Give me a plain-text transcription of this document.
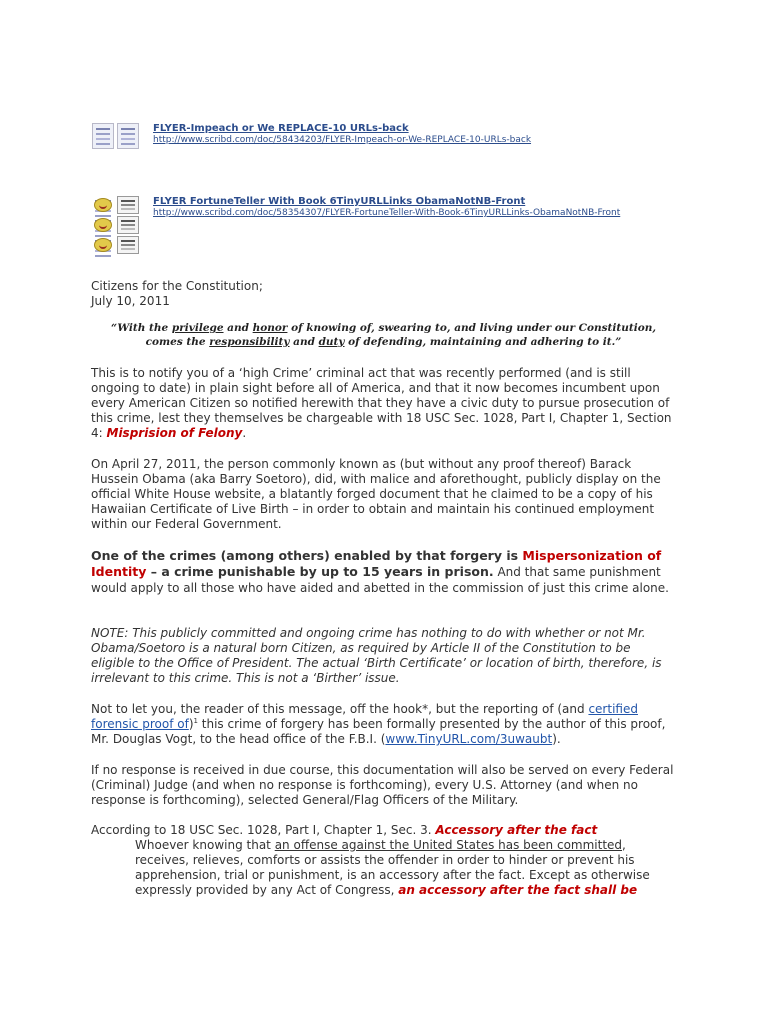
FLYER-Impeach or We REPLACE-10 URLs-back
http://www.scribd.com/doc/58434203/FLYER-Impeach-or-We-REPLACE-10-URLs-back
FLYER FortuneTeller With Book 6TinyURLLinks ObamaNotNB-Front
http://www.scribd.com/doc/58354307/FLYER-FortuneTeller-With-Book-6TinyURLLinks-ObamaNotNB-Front
Citizens for the Constitution;
July 10, 2011
“With the privilege and honor of knowing of, swearing to, and living under our Constitution,
comes the responsibility and duty of defending, maintaining and adhering to it.”
This is to notify you of a ‘high Crime’ criminal act that was recently performed (and is still ongoing to date) in plain sight before all of America, and that it now becomes incumbent upon every American Citizen so notified herewith that they have a civic duty to pursue prosecution of this crime, lest they themselves be chargeable with 18 USC Sec. 1028, Part I, Chapter 1, Section 4: Misprision of Felony.
On April 27, 2011, the person commonly known as (but without any proof thereof) Barack Hussein Obama (aka Barry Soetoro), did, with malice and aforethought, publicly display on the official White House website, a blatantly forged document that he claimed to be a copy of his Hawaiian Certificate of Live Birth – in order to obtain and maintain his continued employment within our Federal Government.
One of the crimes (among others) enabled by that forgery is Mispersonization of Identity – a crime punishable by up to 15 years in prison. And that same punishment would apply to all those who have aided and abetted in the commission of just this crime alone.
NOTE: This publicly committed and ongoing crime has nothing to do with whether or not Mr. Obama/Soetoro is a natural born Citizen, as required by Article II of the Constitution to be eligible to the Office of President. The actual ‘Birth Certificate’ or location of birth, therefore, is irrelevant to this crime. This is not a ‘Birther’ issue.
Not to let you, the reader of this message, off the hook*, but the reporting of (and certified forensic proof of)$^1$ this crime of forgery has been formally presented by the author of this proof, Mr. Douglas Vogt, to the head office of the F.B.I. (www.TinyURL.com/3uwaubt).
If no response is received in due course, this documentation will also be served on every Federal (Criminal) Judge (and when no response is forthcoming), every U.S. Attorney (and when no response is forthcoming), selected General/Flag Officers of the Military.
According to 18 USC Sec. 1028, Part I, Chapter 1, Sec. 3. Accessory after the fact
Whoever knowing that an offense against the United States has been committed, receives, relieves, comforts or assists the offender in order to hinder or prevent his apprehension, trial or punishment, is an accessory after the fact. Except as otherwise expressly provided by any Act of Congress, an accessory after the fact shall be
